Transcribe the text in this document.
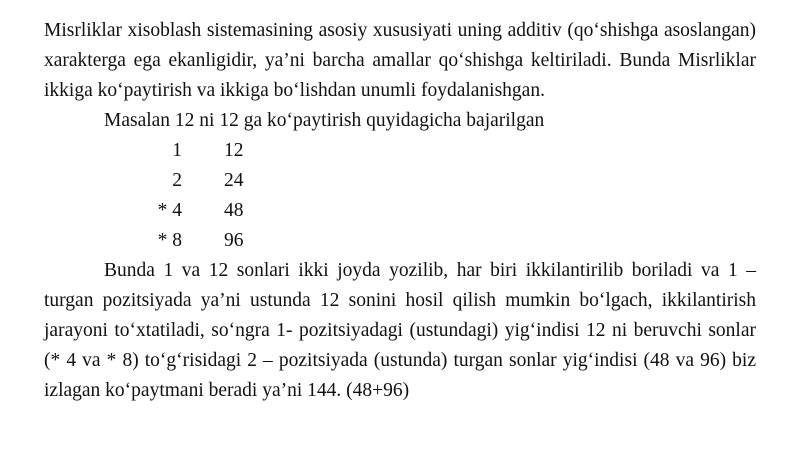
Misrliklar xisoblash sistemasining asosiy xususiyati uning additiv (qo‘shishga asoslangan) xarakterga ega ekanligidir, ya’ni barcha amallar qo‘shishga keltiriladi. Bunda Misrliklar ikkiga ko‘paytirish va ikkiga bo‘lishdan unumli foydalanishgan.

Masalan 12 ni 12 ga ko‘paytirish quyidagicha bajarilgan

1 12
2 24
* 4 48
* 8 96

Bunda 1 va 12 sonlari ikki joyda yozilib, har biri ikkilantirilib boriladi va 1 – turgan pozitsiyada ya’ni ustunda 12 sonini hosil qilish mumkin bo‘lgach, ikkilantirish jarayoni to‘xtatiladi, so‘ngra 1- pozitsiyadagi (ustundagi) yig‘indisi 12 ni beruvchi sonlar (* 4 va * 8) to‘g‘risidagi 2 – pozitsiyada (ustunda) turgan sonlar yig‘indisi (48 va 96) biz izlagan ko‘paytmani beradi ya’ni 144. (48+96)
